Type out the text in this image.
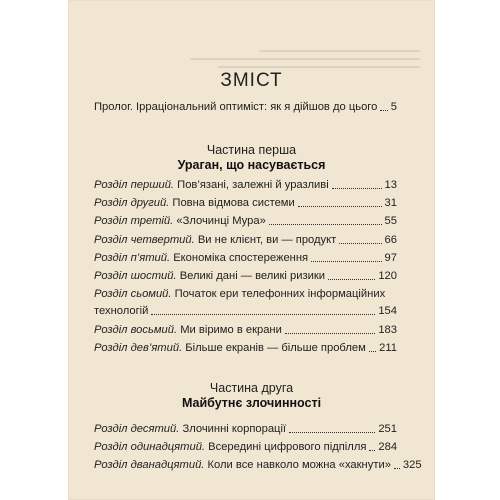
ЗМІСТ
Пролог. Ірраціональний оптиміст: як я дійшов до цього 5
Частина перша
Ураган, що насувається
Розділ перший. Пов’язані, залежні й уразливі	13
Розділ другий. Повна відмова системи	31
Розділ третій. «Злочинці Мура»	55
Розділ четвертий. Ви не клієнт, ви — продукт	66
Розділ п’ятий. Економіка спостереження	97
Розділ шостий. Великі дані — великі ризики	120
Розділ сьомий. Початок ери телефонних інформаційних
технологій	154
Розділ восьмий. Ми віримо в екрани	183
Розділ дев’ятий. Більше екранів — більше проблем 211
Частина друга
Майбутнє злочинності
Розділ десятий. Злочинні корпорації	251
Розділ одинадцятий. Всередині цифрового підпілля 284
Розділ дванадцятий. Коли все навколо можна «хакнути» 325
